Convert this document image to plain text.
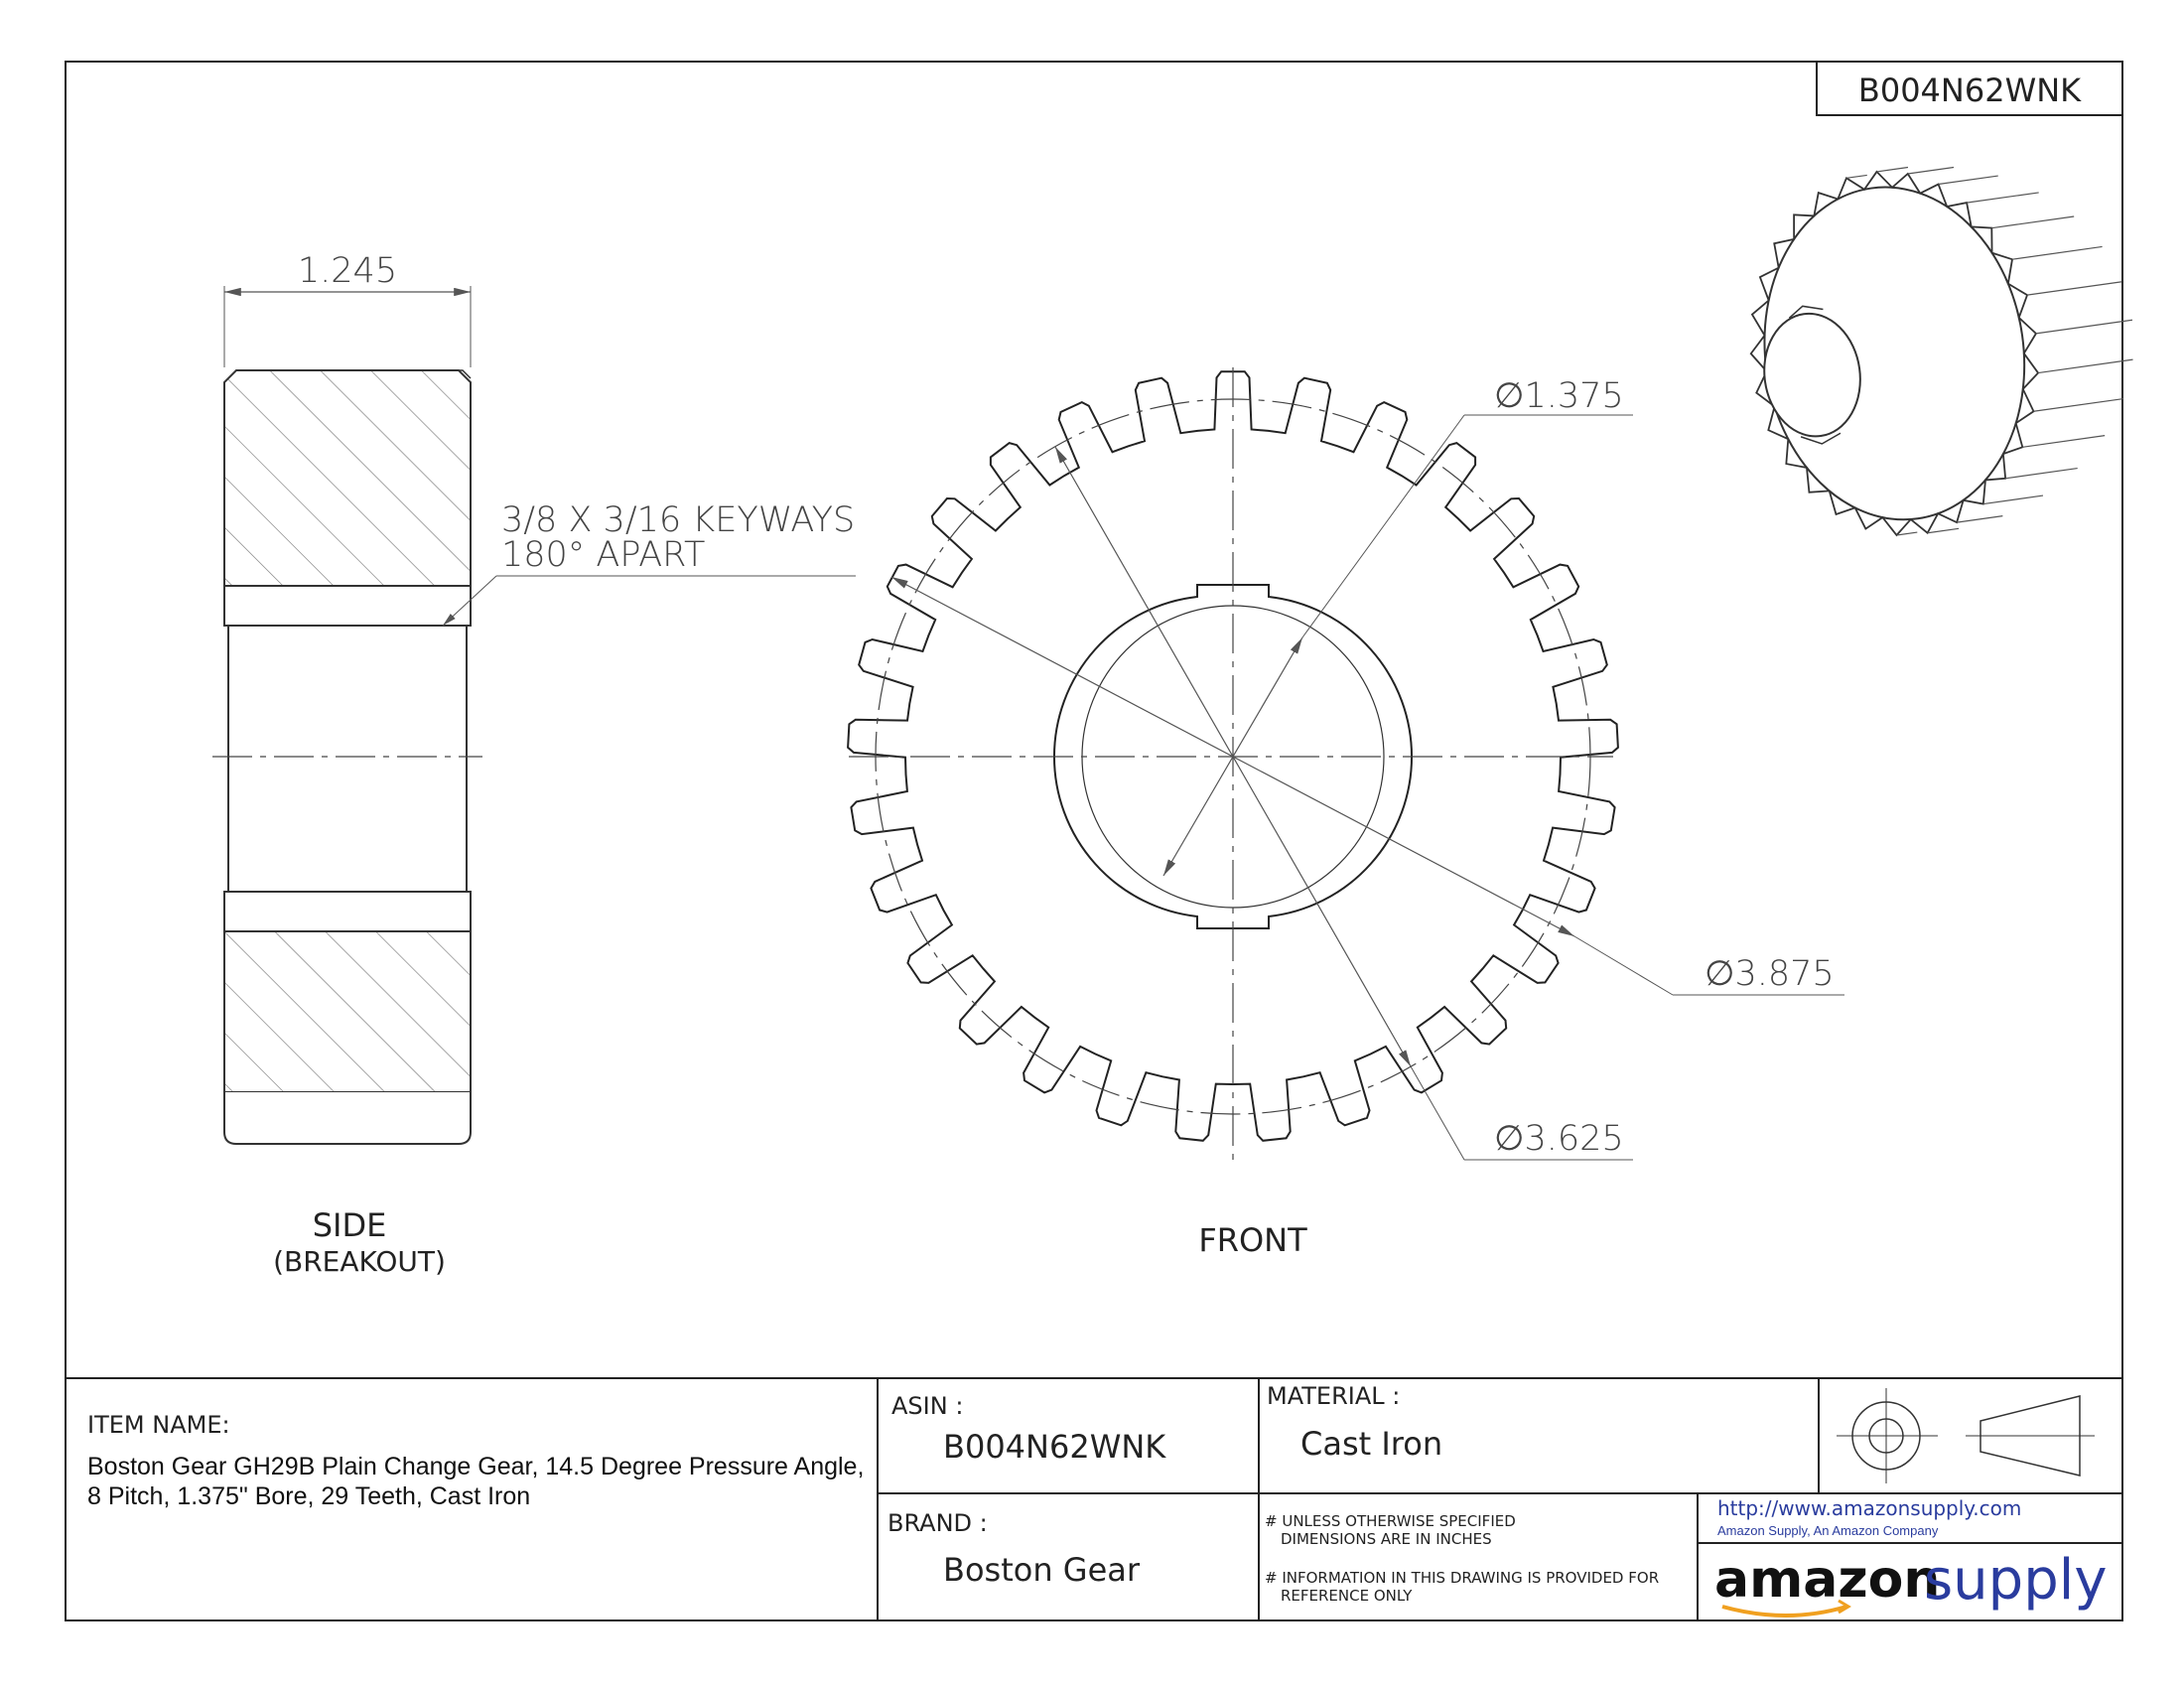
B004N62WNK
1.245
SIDE
(BREAKOUT)
3/8 X 3/16 KEYWAYS
180° APART
∅1.375
∅3.875
∅3.625
FRONT
ITEM NAME:
Boston Gear GH29B Plain Change Gear, 14.5 Degree Pressure Angle,
8 Pitch, 1.375" Bore, 29 Teeth, Cast Iron
ASIN :
B004N62WNK
MATERIAL :
Cast Iron
BRAND :
Boston Gear
# UNLESS OTHERWISE SPECIFIED
DIMENSIONS ARE IN INCHES
# INFORMATION IN THIS DRAWING IS PROVIDED FOR
REFERENCE ONLY
http://www.amazonsupply.com
Amazon Supply, An Amazon Company
amazon
supply
